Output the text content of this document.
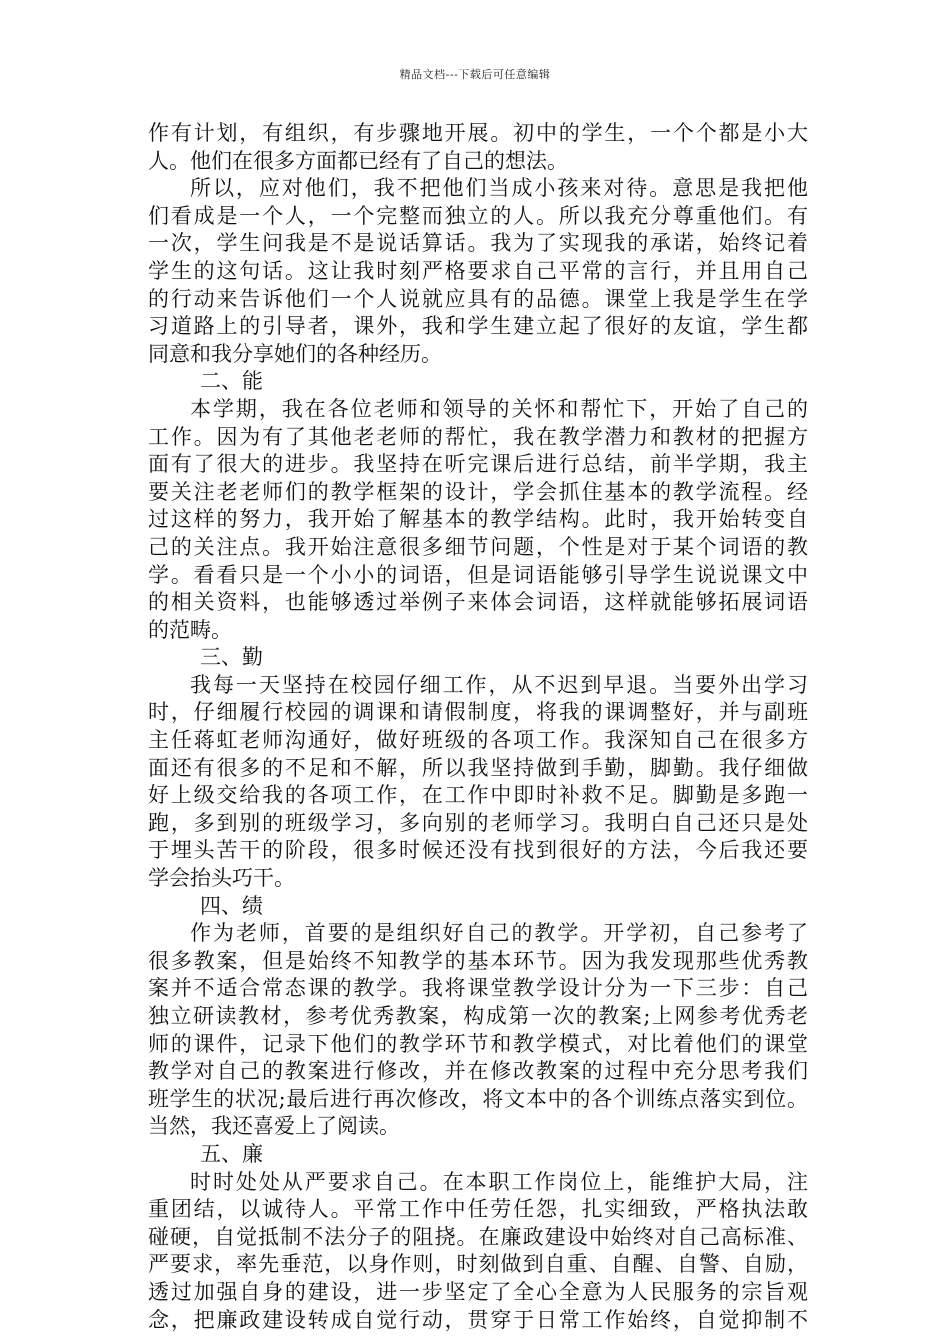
精品文档---下载后可任意编辑
作有计划，有组织，有步骤地开展。初中的学生，一个个都是小大
人。他们在很多方面都已经有了自己的想法。
所以，应对他们，我不把他们当成小孩来对待。意思是我把他
们看成是一个人，一个完整而独立的人。所以我充分尊重他们。有
一次，学生问我是不是说话算话。我为了实现我的承诺，始终记着
学生的这句话。这让我时刻严格要求自己平常的言行，并且用自己
的行动来告诉他们一个人说就应具有的品德。课堂上我是学生在学
习道路上的引导者，课外，我和学生建立起了很好的友谊，学生都
同意和我分享她们的各种经历。
二、能
本学期，我在各位老师和领导的关怀和帮忙下，开始了自己的
工作。因为有了其他老老师的帮忙，我在教学潜力和教材的把握方
面有了很大的进步。我坚持在听完课后进行总结，前半学期，我主
要关注老老师们的教学框架的设计，学会抓住基本的教学流程。经
过这样的努力，我开始了解基本的教学结构。此时，我开始转变自
己的关注点。我开始注意很多细节问题，个性是对于某个词语的教
学。看看只是一个小小的词语，但是词语能够引导学生说说课文中
的相关资料，也能够透过举例子来体会词语，这样就能够拓展词语
的范畴。
三、勤
我每一天坚持在校园仔细工作，从不迟到早退。当要外出学习
时，仔细履行校园的调课和请假制度，将我的课调整好，并与副班
主任蒋虹老师沟通好，做好班级的各项工作。我深知自己在很多方
面还有很多的不足和不解，所以我坚持做到手勤，脚勤。我仔细做
好上级交给我的各项工作，在工作中即时补救不足。脚勤是多跑一
跑，多到别的班级学习，多向别的老师学习。我明白自己还只是处
于埋头苦干的阶段，很多时候还没有找到很好的方法，今后我还要
学会抬头巧干。
四、绩
作为老师，首要的是组织好自己的教学。开学初，自己参考了
很多教案，但是始终不知教学的基本环节。因为我发现那些优秀教
案并不适合常态课的教学。我将课堂教学设计分为一下三步：自己
独立研读教材，参考优秀教案，构成第一次的教案;上网参考优秀老
师的课件，记录下他们的教学环节和教学模式，对比着他们的课堂
教学对自己的教案进行修改，并在修改教案的过程中充分思考我们
班学生的状况;最后进行再次修改，将文本中的各个训练点落实到位。
当然，我还喜爱上了阅读。
五、廉
时时处处从严要求自己。在本职工作岗位上，能维护大局，注
重团结，以诚待人。平常工作中任劳任怨，扎实细致，严格执法敢
碰硬，自觉抵制不法分子的阻挠。在廉政建设中始终对自己高标准、
严要求，率先垂范，以身作则，时刻做到自重、自醒、自警、自励，
透过加强自身的建设，进一步坚定了全心全意为人民服务的宗旨观
念，把廉政建设转成自觉行动，贯穿于日常工作始终，自觉抑制不
